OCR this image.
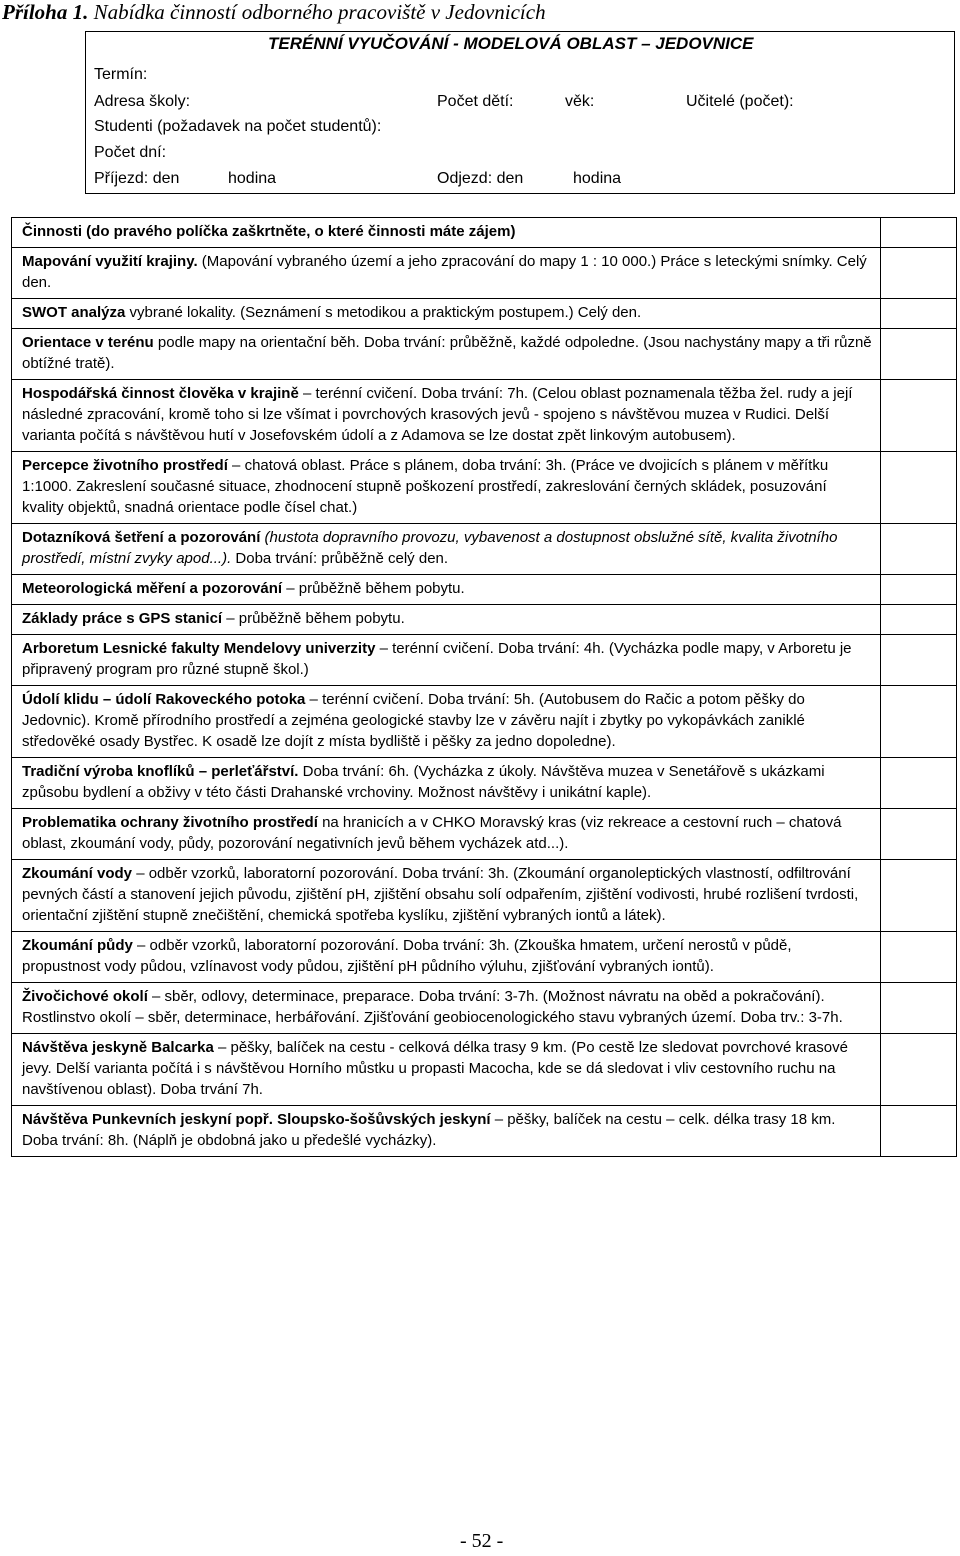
Příloha 1. Nabídka činností odborného pracoviště v Jedovnicích
TERÉNNÍ VYUČOVÁNÍ - MODELOVÁ OBLAST – JEDOVNICE
Termín:
Adresa školy:	Počet dětí:	věk:	Učitelé (počet):
Studenti (požadavek na počet studentů):
Počet dní:
Příjezd: den	hodina	Odjezd: den	hodina
Činnosti (do pravého políčka zaškrtněte, o které činnosti máte zájem)	
Mapování využití krajiny. (Mapování vybraného území a jeho zpracování do mapy 1 : 10 000.) Práce s leteckými snímky. Celý den.	
SWOT analýza vybrané lokality. (Seznámení s metodikou a praktickým postupem.) Celý den.	
Orientace v terénu podle mapy na orientační běh. Doba trvání: průběžně, každé odpoledne. (Jsou nachystány mapy a tři různě obtížné tratě).	
Hospodářská činnost člověka v krajině – terénní cvičení. Doba trvání: 7h. (Celou oblast poznamenala těžba žel. rudy a její následné zpracování, kromě toho si lze všímat i povrchových krasových jevů - spojeno s návštěvou muzea v Rudici. Delší varianta počítá s návštěvou hutí v Josefovském údolí a z Adamova se lze dostat zpět linkovým autobusem).	
Percepce životního prostředí – chatová oblast. Práce s plánem, doba trvání: 3h. (Práce ve dvojicích s plánem v měřítku 1:1000. Zakreslení současné situace, zhodnocení stupně poškození prostředí, zakreslování černých skládek, posuzování kvality objektů, snadná orientace podle čísel chat.)	
Dotazníková šetření a pozorování (hustota dopravního provozu, vybavenost a dostupnost obslužné sítě, kvalita životního prostředí, místní zvyky apod...). Doba trvání: průběžně celý den.	
Meteorologická měření a pozorování – průběžně během pobytu.	
Základy práce s GPS stanicí – průběžně během pobytu.	
Arboretum Lesnické fakulty Mendelovy univerzity – terénní cvičení. Doba trvání: 4h. (Vycházka podle mapy, v Arboretu je připravený program pro různé stupně škol.)	
Údolí klidu – údolí Rakoveckého potoka – terénní cvičení. Doba trvání: 5h. (Autobusem do Račic a potom pěšky do Jedovnic). Kromě přírodního prostředí a zejména geologické stavby lze v závěru najít i zbytky po vykopávkách zaniklé středověké osady Bystřec. K osadě lze dojít z místa bydliště i pěšky za jedno dopoledne).	
Tradiční výroba knoflíků – perleťářství. Doba trvání: 6h. (Vycházka z úkoly. Návštěva muzea v Senetářově s ukázkami způsobu bydlení a obživy v této části Drahanské vrchoviny. Možnost návštěvy i unikátní kaple).	
Problematika ochrany životního prostředí na hranicích a v CHKO Moravský kras (viz rekreace a cestovní ruch – chatová oblast, zkoumání vody, půdy, pozorování negativních jevů během vycházek atd...).	
Zkoumání vody – odběr vzorků, laboratorní pozorování. Doba trvání: 3h. (Zkoumání organoleptických vlastností, odfiltrování pevných částí a stanovení jejich původu, zjištění pH, zjištění obsahu solí odpařením, zjištění vodivosti, hrubé rozlišení tvrdosti, orientační zjištění stupně znečištění, chemická spotřeba kyslíku, zjištění vybraných iontů a látek).	
Zkoumání půdy – odběr vzorků, laboratorní pozorování. Doba trvání: 3h. (Zkouška hmatem, určení nerostů v půdě, propustnost vody půdou, vzlínavost vody půdou, zjištění pH půdního výluhu, zjišťování vybraných iontů).	
Živočichové okolí – sběr, odlovy, determinace, preparace. Doba trvání: 3-7h. (Možnost návratu na oběd a pokračování). Rostlinstvo okolí – sběr, determinace, herbářování. Zjišťování geobiocenologického stavu vybraných území. Doba trv.: 3-7h.	
Návštěva jeskyně Balcarka – pěšky, balíček na cestu - celková délka trasy 9 km. (Po cestě lze sledovat povrchové krasové jevy. Delší varianta počítá i s návštěvou Horního můstku u propasti Macocha, kde se dá sledovat i vliv cestovního ruchu na navštívenou oblast). Doba trvání 7h.	
Návštěva Punkevních jeskyní popř. Sloupsko-šošůvských jeskyní – pěšky, balíček na cestu – celk. délka trasy 18 km. Doba trvání: 8h. (Náplň je obdobná jako u předešlé vycházky).	
- 52 -
